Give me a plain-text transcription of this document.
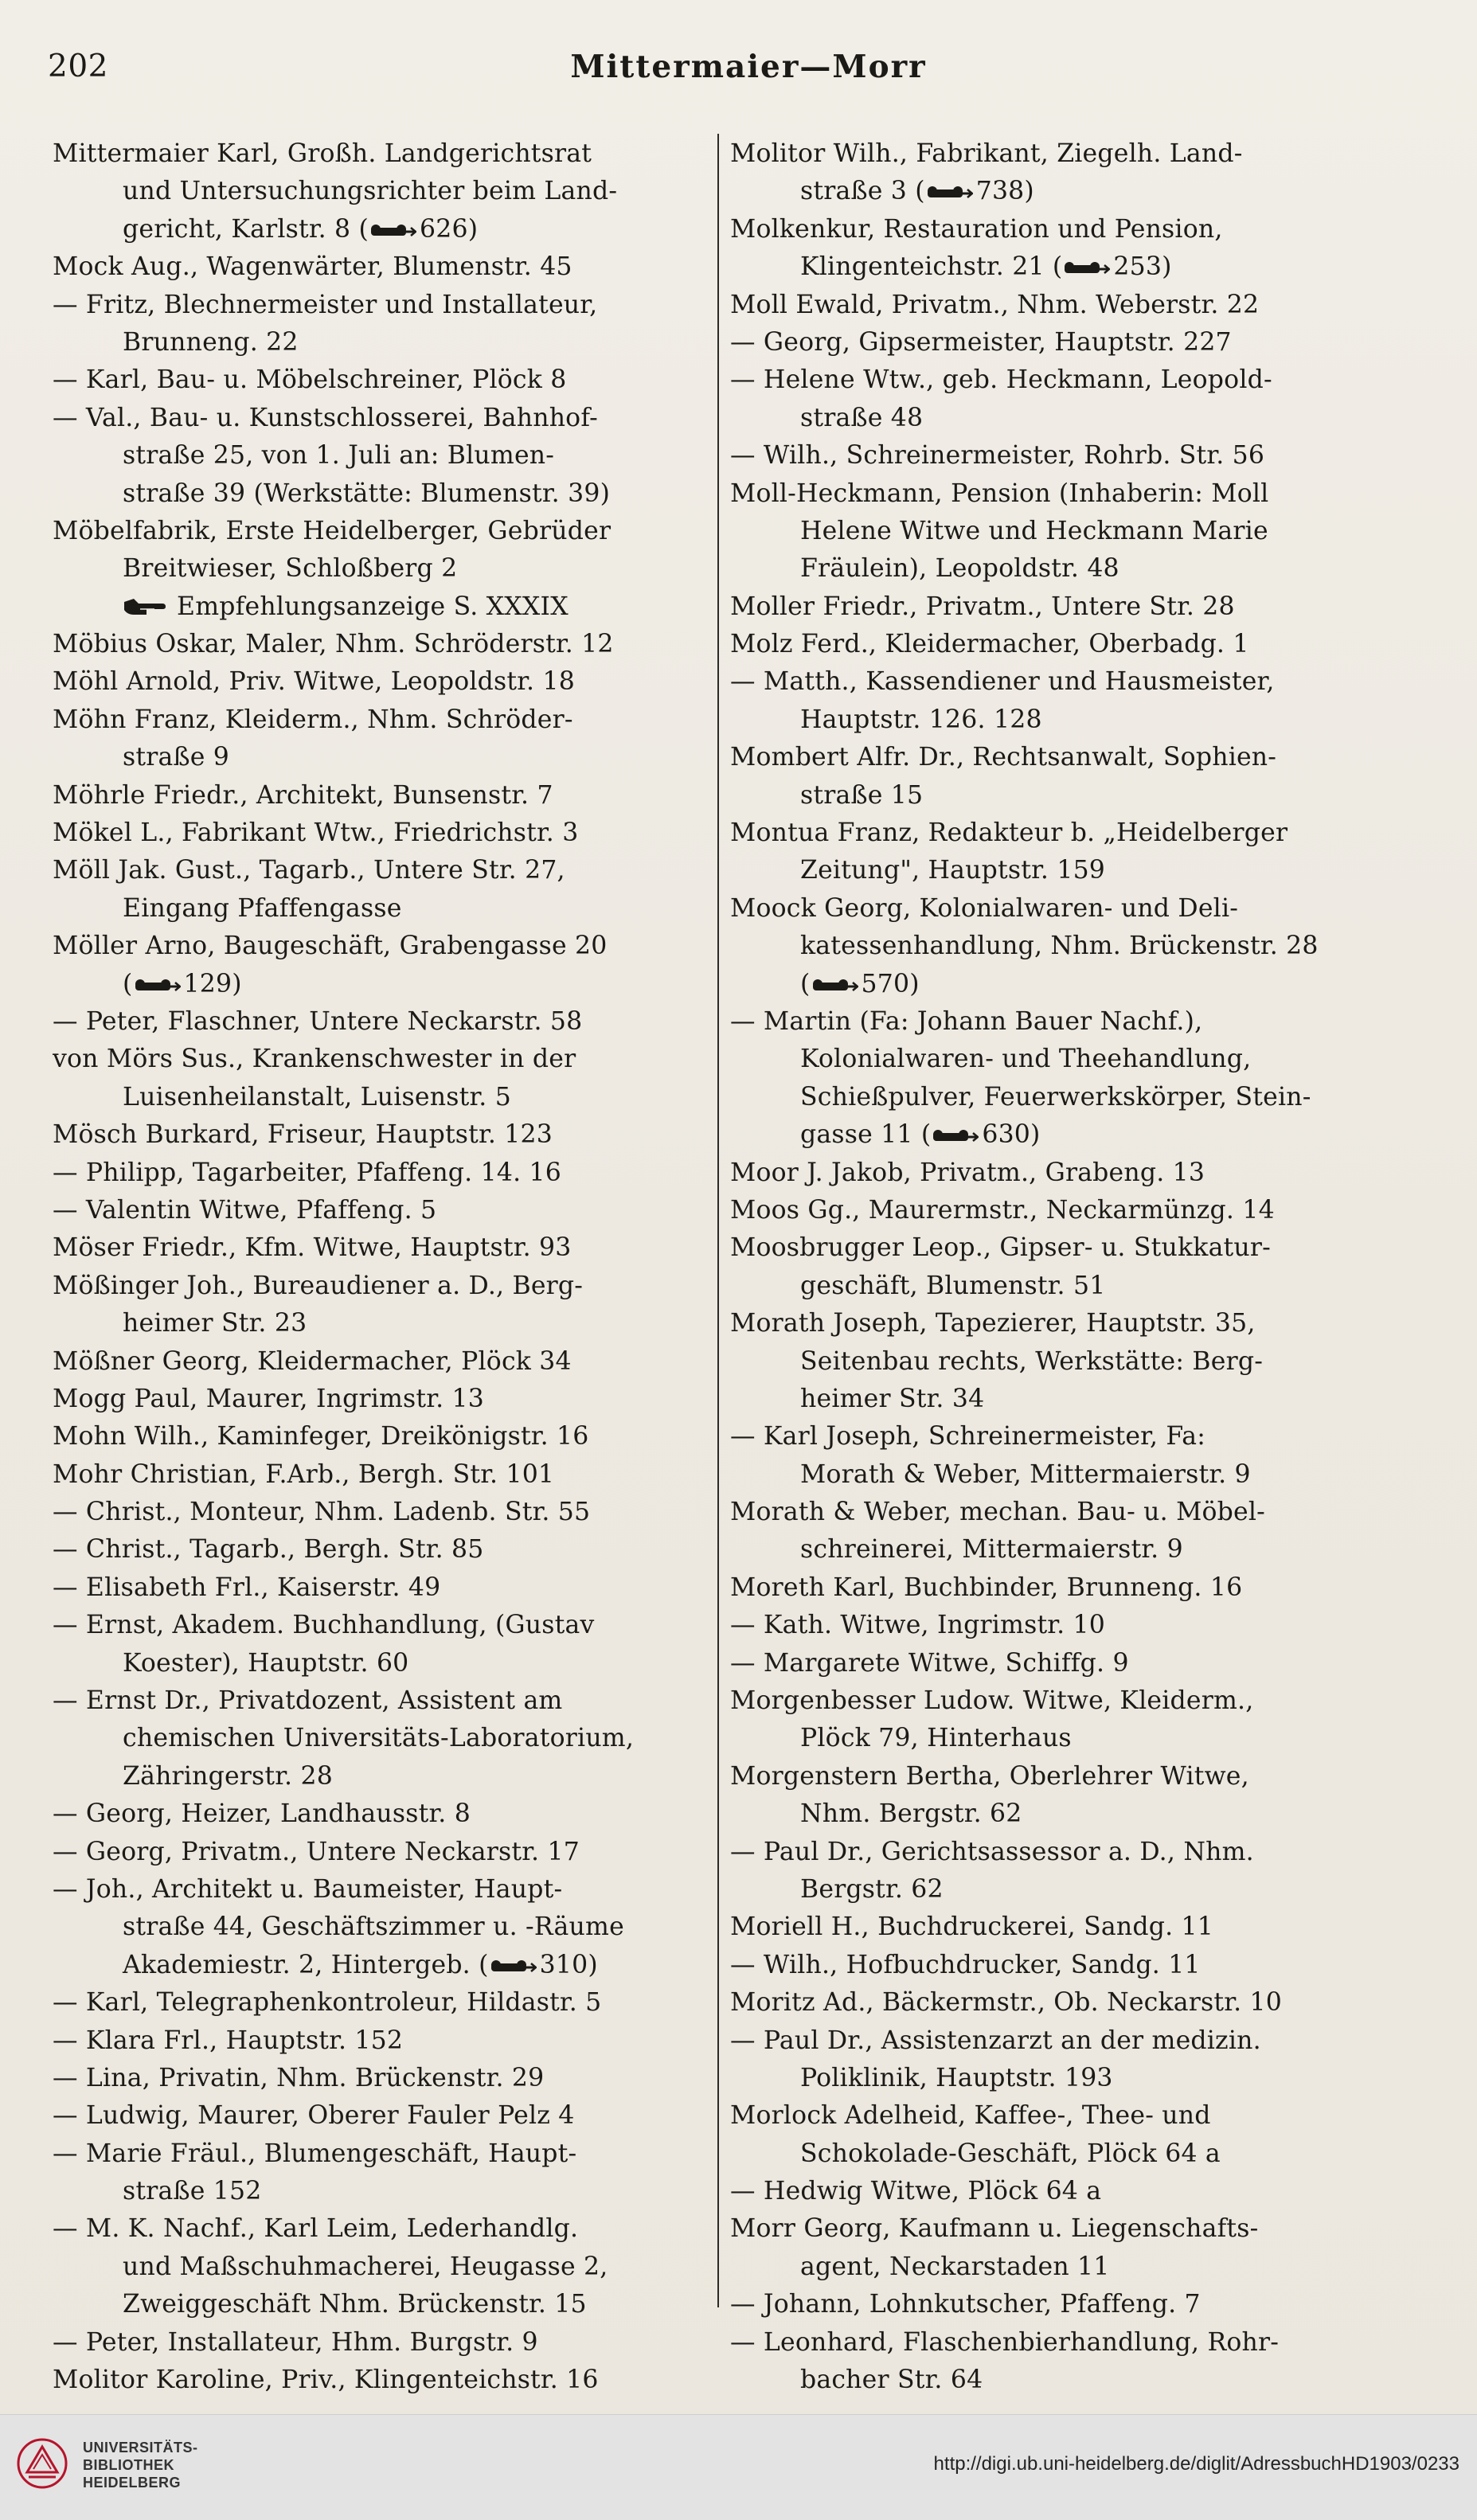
202	Mittermaier—Morr
Mittermaier Karl, Großh. Landgerichtsrat
und Untersuchungsrichter beim Land-
gericht, Karlstr. 8 ( 626)
Mock Aug., Wagenwärter, Blumenstr. 45
— Fritz, Blechnermeister und Installateur,
Brunneng. 22
— Karl, Bau- u. Möbelschreiner, Plöck 8
— Val., Bau- u. Kunstschlosserei, Bahnhof-
straße 25, von 1. Juli an: Blumen-
straße 39 (Werkstätte: Blumenstr. 39)
Möbelfabrik, Erste Heidelberger, Gebrüder
Breitwieser, Schloßberg 2
Empfehlungsanzeige S. XXXIX
Möbius Oskar, Maler, Nhm. Schröderstr. 12
Möhl Arnold, Priv. Witwe, Leopoldstr. 18
Möhn Franz, Kleiderm., Nhm. Schröder-
straße 9
Möhrle Friedr., Architekt, Bunsenstr. 7
Mökel L., Fabrikant Wtw., Friedrichstr. 3
Möll Jak. Gust., Tagarb., Untere Str. 27,
Eingang Pfaffengasse
Möller Arno, Baugeschäft, Grabengasse 20
( 129)
— Peter, Flaschner, Untere Neckarstr. 58
von Mörs Sus., Krankenschwester in der
Luisenheilanstalt, Luisenstr. 5
Mösch Burkard, Friseur, Hauptstr. 123
— Philipp, Tagarbeiter, Pfaffeng. 14. 16
— Valentin Witwe, Pfaffeng. 5
Möser Friedr., Kfm. Witwe, Hauptstr. 93
Mößinger Joh., Bureaudiener a. D., Berg-
heimer Str. 23
Mößner Georg, Kleidermacher, Plöck 34
Mogg Paul, Maurer, Ingrimstr. 13
Mohn Wilh., Kaminfeger, Dreikönigstr. 16
Mohr Christian, F.Arb., Bergh. Str. 101
— Christ., Monteur, Nhm. Ladenb. Str. 55
— Christ., Tagarb., Bergh. Str. 85
— Elisabeth Frl., Kaiserstr. 49
— Ernst, Akadem. Buchhandlung, (Gustav
Koester), Hauptstr. 60
— Ernst Dr., Privatdozent, Assistent am
chemischen Universitäts-Laboratorium,
Zähringerstr. 28
— Georg, Heizer, Landhausstr. 8
— Georg, Privatm., Untere Neckarstr. 17
— Joh., Architekt u. Baumeister, Haupt-
straße 44, Geschäftszimmer u. -Räume
Akademiestr. 2, Hintergeb. ( 310)
— Karl, Telegraphenkontroleur, Hildastr. 5
— Klara Frl., Hauptstr. 152
— Lina, Privatin, Nhm. Brückenstr. 29
— Ludwig, Maurer, Oberer Fauler Pelz 4
— Marie Fräul., Blumengeschäft, Haupt-
straße 152
— M. K. Nachf., Karl Leim, Lederhandlg.
und Maßschuhmacherei, Heugasse 2,
Zweiggeschäft Nhm. Brückenstr. 15
— Peter, Installateur, Hhm. Burgstr. 9
Molitor Karoline, Priv., Klingenteichstr. 16
Molitor Wilh., Fabrikant, Ziegelh. Land-
straße 3 ( 738)
Molkenkur, Restauration und Pension,
Klingenteichstr. 21 ( 253)
Moll Ewald, Privatm., Nhm. Weberstr. 22
— Georg, Gipsermeister, Hauptstr. 227
— Helene Wtw., geb. Heckmann, Leopold-
straße 48
— Wilh., Schreinermeister, Rohrb. Str. 56
Moll-Heckmann, Pension (Inhaberin: Moll
Helene Witwe und Heckmann Marie
Fräulein), Leopoldstr. 48
Moller Friedr., Privatm., Untere Str. 28
Molz Ferd., Kleidermacher, Oberbadg. 1
— Matth., Kassendiener und Hausmeister,
Hauptstr. 126. 128
Mombert Alfr. Dr., Rechtsanwalt, Sophien-
straße 15
Montua Franz, Redakteur b. „Heidelberger
Zeitung", Hauptstr. 159
Moock Georg, Kolonialwaren- und Deli-
katessenhandlung, Nhm. Brückenstr. 28
( 570)
— Martin (Fa: Johann Bauer Nachf.),
Kolonialwaren- und Theehandlung,
Schießpulver, Feuerwerkskörper, Stein-
gasse 11 ( 630)
Moor J. Jakob, Privatm., Grabeng. 13
Moos Gg., Maurermstr., Neckarmünzg. 14
Moosbrugger Leop., Gipser- u. Stukkatur-
geschäft, Blumenstr. 51
Morath Joseph, Tapezierer, Hauptstr. 35,
Seitenbau rechts, Werkstätte: Berg-
heimer Str. 34
— Karl Joseph, Schreinermeister, Fa:
Morath & Weber, Mittermaierstr. 9
Morath & Weber, mechan. Bau- u. Möbel-
schreinerei, Mittermaierstr. 9
Moreth Karl, Buchbinder, Brunneng. 16
— Kath. Witwe, Ingrimstr. 10
— Margarete Witwe, Schiffg. 9
Morgenbesser Ludow. Witwe, Kleiderm.,
Plöck 79, Hinterhaus
Morgenstern Bertha, Oberlehrer Witwe,
Nhm. Bergstr. 62
— Paul Dr., Gerichtsassessor a. D., Nhm.
Bergstr. 62
Moriell H., Buchdruckerei, Sandg. 11
— Wilh., Hofbuchdrucker, Sandg. 11
Moritz Ad., Bäckermstr., Ob. Neckarstr. 10
— Paul Dr., Assistenzarzt an der medizin.
Poliklinik, Hauptstr. 193
Morlock Adelheid, Kaffee-, Thee- und
Schokolade-Geschäft, Plöck 64 a
— Hedwig Witwe, Plöck 64 a
Morr Georg, Kaufmann u. Liegenschafts-
agent, Neckarstaden 11
— Johann, Lohnkutscher, Pfaffeng. 7
— Leonhard, Flaschenbierhandlung, Rohr-
bacher Str. 64
UNIVERSITÄTS-
BIBLIOTHEK
HEIDELBERG
http://digi.ub.uni-heidelberg.de/diglit/AdressbuchHD1903/0233
